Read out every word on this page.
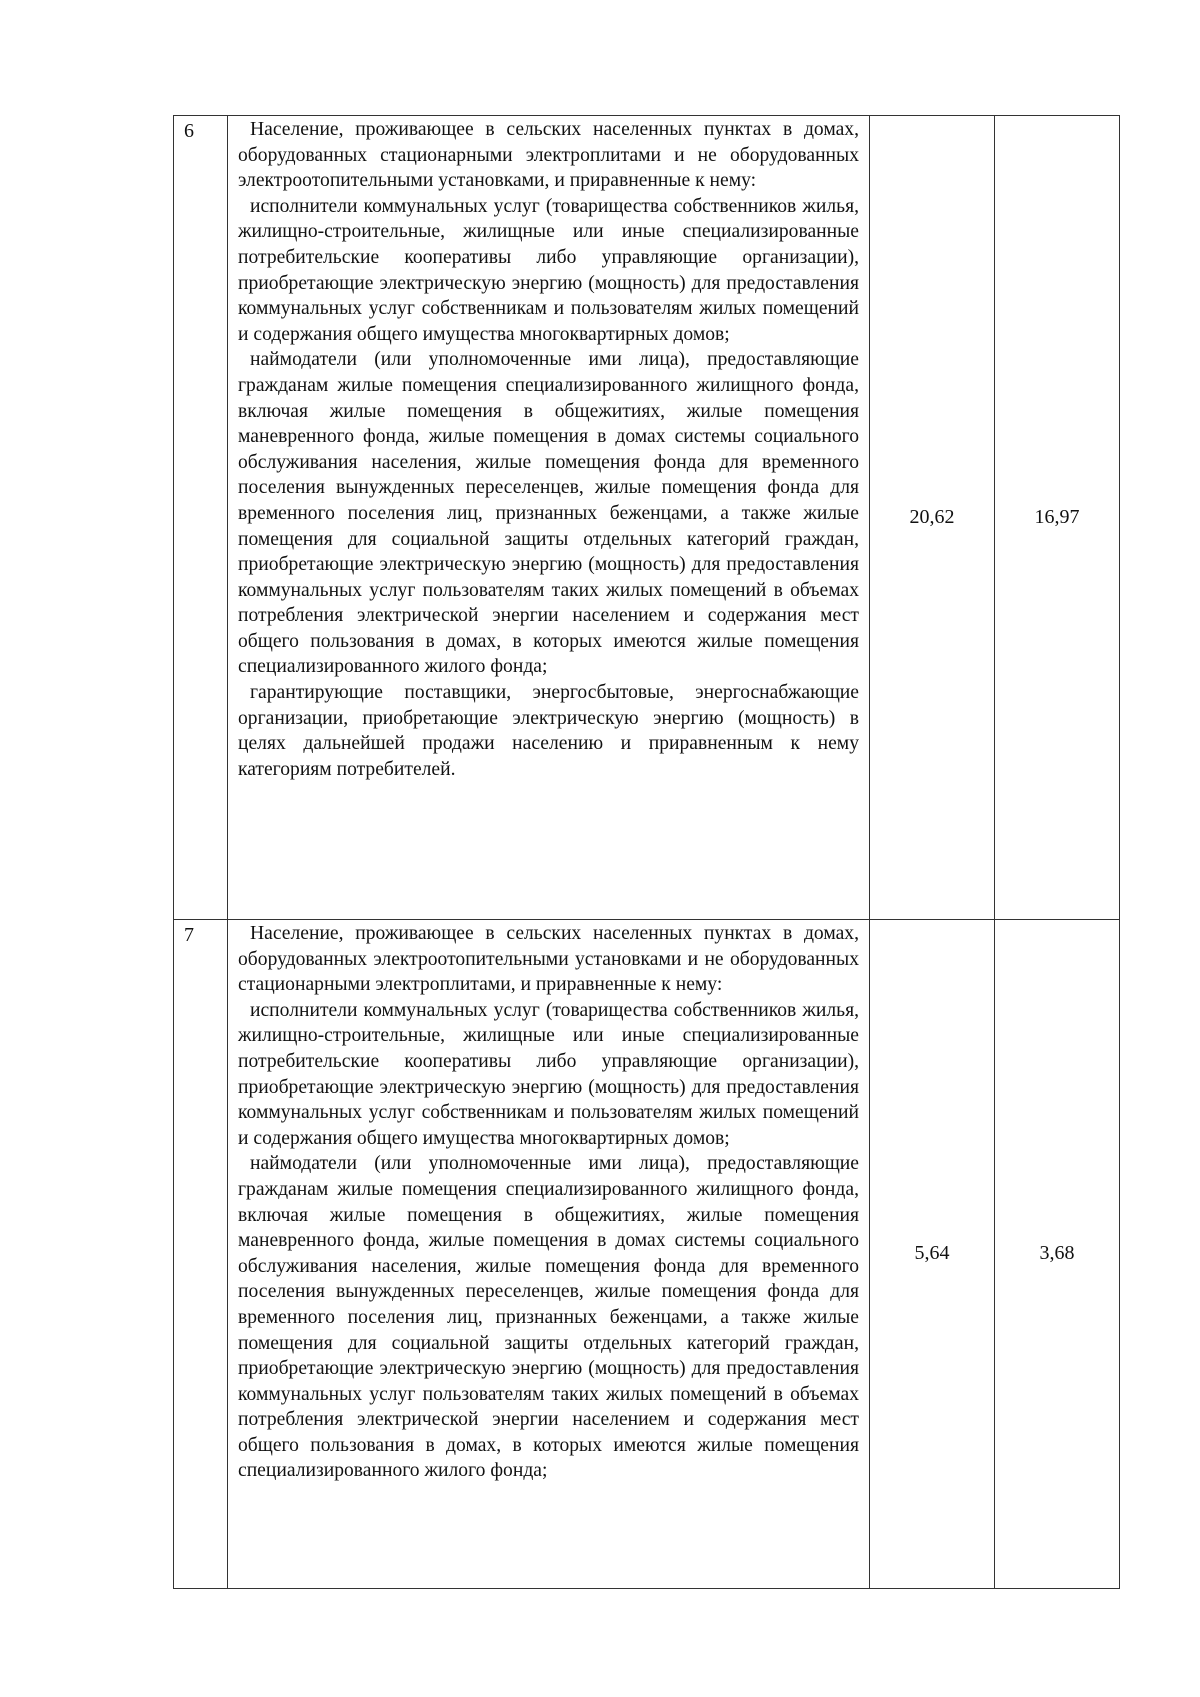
6	Население, проживающее в сельских населенных пунктах в домах, оборудованных стационарными электроплитами и не оборудованных электроотопительными установками, и приравненные к нему:

исполнители коммунальных услуг (товарищества собственников жилья, жилищно-строительные, жилищные или иные специализированные потребительские кооперативы либо управляющие организации), приобретающие электрическую энергию (мощность) для предоставления коммунальных услуг собственникам и пользователям жилых помещений и содержания общего имущества многоквартирных домов;

наймодатели (или уполномоченные ими лица), предоставляющие гражданам жилые помещения специализированного жилищного фонда, включая жилые помещения в общежитиях, жилые помещения маневренного фонда, жилые помещения в домах системы социального обслуживания населения, жилые помещения фонда для временного поселения вынужденных переселенцев, жилые помещения фонда для временного поселения лиц, признанных беженцами, а также жилые помещения для социальной защиты отдельных категорий граждан, приобретающие электрическую энергию (мощность) для предоставления коммунальных услуг пользователям таких жилых помещений в объемах потребления электрической энергии населением и содержания мест общего пользования в домах, в которых имеются жилые помещения специализированного жилого фонда;

гарантирующие поставщики, энергосбытовые, энергоснабжающие организации, приобретающие электрическую энергию (мощность) в целях дальнейшей продажи населению и приравненным к нему категориям потребителей.	20,62	16,97
7	Население, проживающее в сельских населенных пунктах в домах, оборудованных электроотопительными установками и не оборудованных стационарными электроплитами, и приравненные к нему:

исполнители коммунальных услуг (товарищества собственников жилья, жилищно-строительные, жилищные или иные специализированные потребительские кооперативы либо управляющие организации), приобретающие электрическую энергию (мощность) для предоставления коммунальных услуг собственникам и пользователям жилых помещений и содержания общего имущества многоквартирных домов;

наймодатели (или уполномоченные ими лица), предоставляющие гражданам жилые помещения специализированного жилищного фонда, включая жилые помещения в общежитиях, жилые помещения маневренного фонда, жилые помещения в домах системы социального обслуживания населения, жилые помещения фонда для временного поселения вынужденных переселенцев, жилые помещения фонда для временного поселения лиц, признанных беженцами, а также жилые помещения для социальной защиты отдельных категорий граждан, приобретающие электрическую энергию (мощность) для предоставления коммунальных услуг пользователям таких жилых помещений в объемах потребления электрической энергии населением и содержания мест общего пользования в домах, в которых имеются жилые помещения специализированного жилого фонда;	5,64	3,68
